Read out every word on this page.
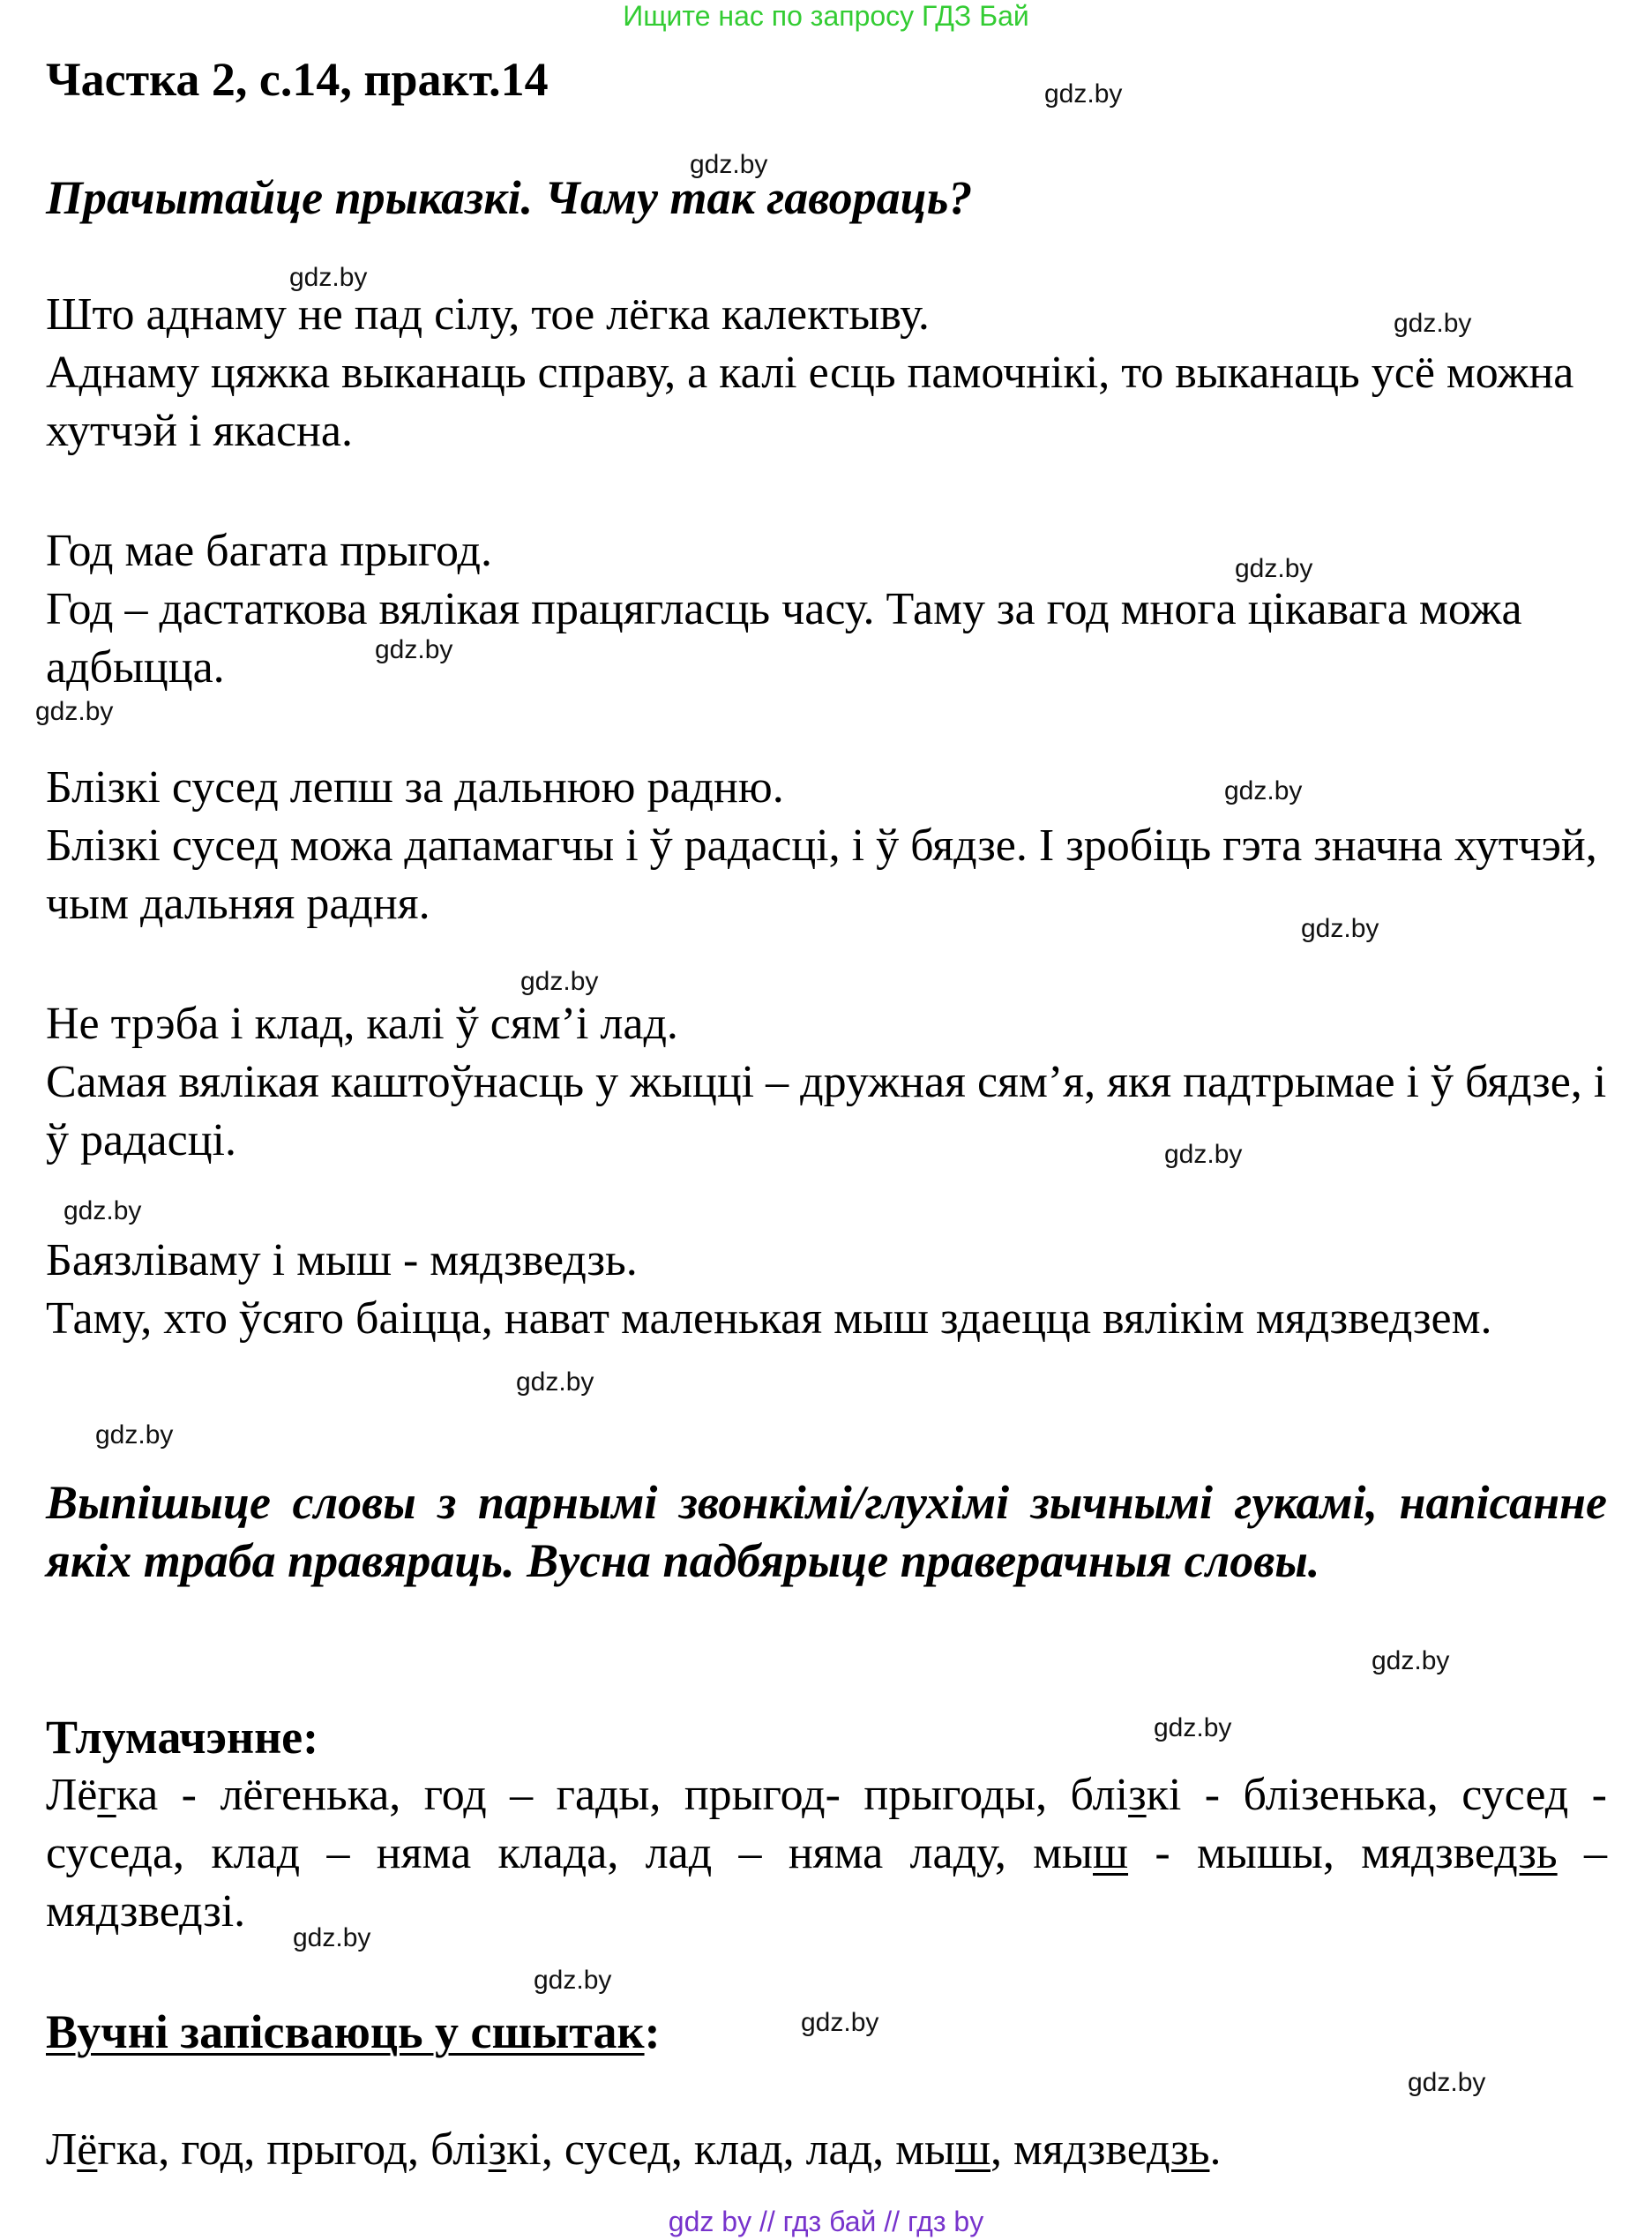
Ищите нас по запросу ГДЗ Бай
Частка 2, с.14, практ.14
Прачытайце прыказкі. Чаму так гавораць?

Што аднаму не пад сілу, тое лёгка калектыву.

Аднаму цяжка выканаць справу, а калі есць памочнікі, то выканаць усё можна хутчэй і якасна.

Год мае багата прыгод.

Год – дастаткова вялікая працягласць часу. Таму за год многа цікавага можа адбыцца.

Блізкі сусед лепш за дальнюю радню.

Блізкі сусед можа дапамагчы і ў радасці, і ў бядзе. І зробіць гэта значна хутчэй, чым дальняя радня.

Не трэба і клад, калі ў сям’і лад.

Самая вялікая каштоўнасць у жыцці – дружная сям’я, якя падтрымае і ў бядзе, і ў радасці.

Баязліваму і мыш - мядзведзь.

Таму, хто ўсяго баіцца, нават маленькая мыш здаецца вялікім мядзведзем.

Выпішыце словы з парнымі звонкімі/глухімі зычнымі гукамі, напісанне якіх траба правяраць. Вусна падбярыце праверачныя словы.
Тлумачэнне:
Лёгка - лёгенька, год – гады, прыгод- прыгоды, блізкі - блізенька, сусед - суседа, клад – няма клада, лад – няма ладу, мыш - мышы, мядзведзь – мядзведзі.
Вучні запісваюць у сшытак:
Лёгка, год, прыгод, блізкі, сусед, клад, лад, мыш, мядзведзь.
gdz.by
gdz.by
gdz.by
gdz.by
gdz.by
gdz.by
gdz.by
gdz.by
gdz.by
gdz.by
gdz.by
gdz.by
gdz.by
gdz.by
gdz.by
gdz.by
gdz.by
gdz.by
gdz.by
gdz.by
gdz by // гдз бай // гдз by
